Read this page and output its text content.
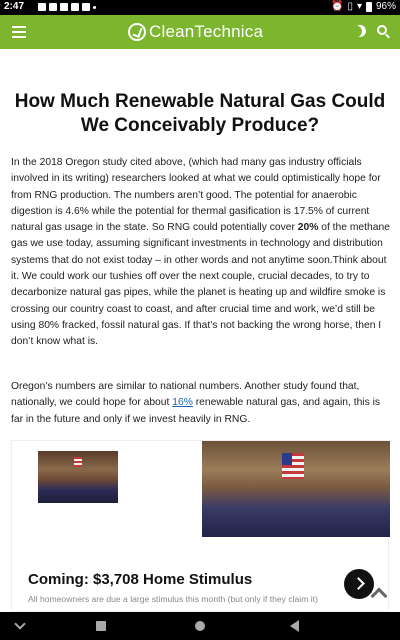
2:47	⏰ ▯ ▾ 96%
CleanTechnica
How Much Renewable Natural Gas Could We Conceivably Produce?

In the 2018 Oregon study cited above, (which had many gas industry officials involved in its writing) researchers looked at what we could optimistically hope for from RNG production. The numbers aren’t good. The potential for anaerobic digestion is 4.6% while the potential for thermal gasification is 17.5% of current natural gas usage in the state. So RNG could potentially cover 20% of the methane gas we use today, assuming significant investments in technology and distribution systems that do not exist today – in other words and not anytime soon.Think about it. We could work our tushies off over the next couple, crucial decades, to try to decarbonize natural gas pipes, while the planet is heating up and wildfire smoke is crossing our country coast to coast, and after crucial time and work, we’d still be using 80% fracked, fossil natural gas. If that’s not backing the wrong horse, then I don’t know what is.

Oregon’s numbers are similar to national numbers. Another study found that, nationally, we could hope for about 16% renewable natural gas, and again, this is far in the future and only if we invest heavily in RNG.

Coming: $3,708 Home Stimulus
All homeowners are due a large stimulus this month (but only if they claim it)
